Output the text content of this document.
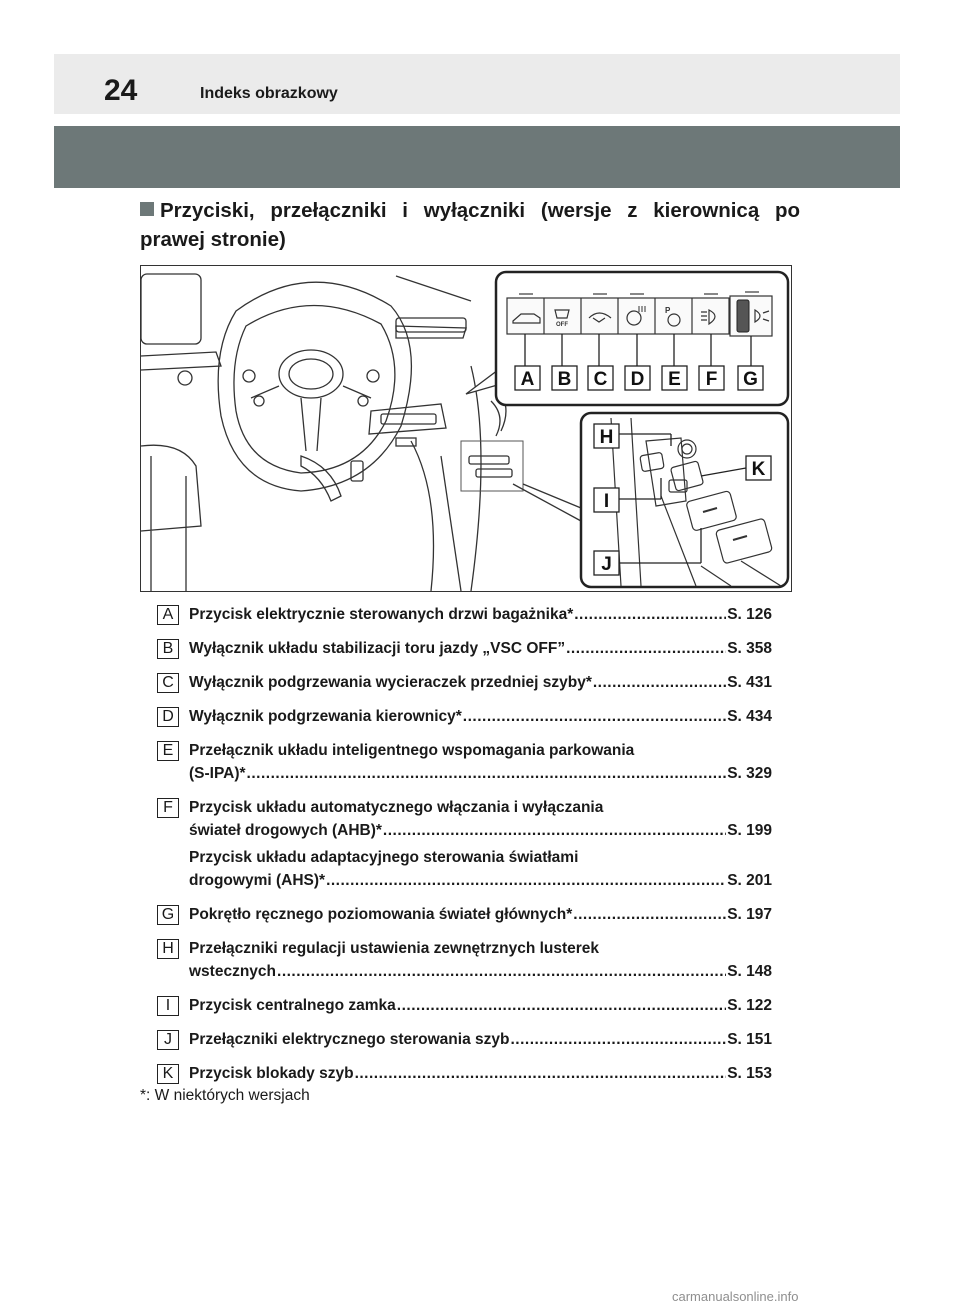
24	Indeks obrazkowy
Przyciski, przełączniki i wyłączniki (wersje z kierownicą po prawej stronie)
OFF
P
A B C D E F G
H
I
J
K
A	Przycisk elektrycznie sterowanych drzwi bagażnika* .....	S. 126
B	Wyłącznik układu stabilizacji toru jazdy „VSC OFF” .....	S. 358
C Wyłącznik podgrzewania wycieraczek przedniej szyby* .....	S. 431
D Wyłącznik podgrzewania kierownicy* .....	S. 434
E	Przełącznik układu inteligentnego wspomagania parkowania
(S-IPA)* .....	S. 329
F	Przycisk układu automatycznego włączania i wyłączania
świateł drogowych (AHB)* .....	S. 199
Przycisk układu adaptacyjnego sterowania światłami
drogowymi (AHS)* .....	S. 201
G Pokrętło ręcznego poziomowania świateł głównych* .....	S. 197
H Przełączniki regulacji ustawienia zewnętrznych lusterek
wstecznych .....	S. 148
I	Przycisk centralnego zamka .....	S. 122
J	Przełączniki elektrycznego sterowania szyb .....	S. 151
K	Przycisk blokady szyb .....	S. 153
*: W niektórych wersjach
carmanualsonline.info
